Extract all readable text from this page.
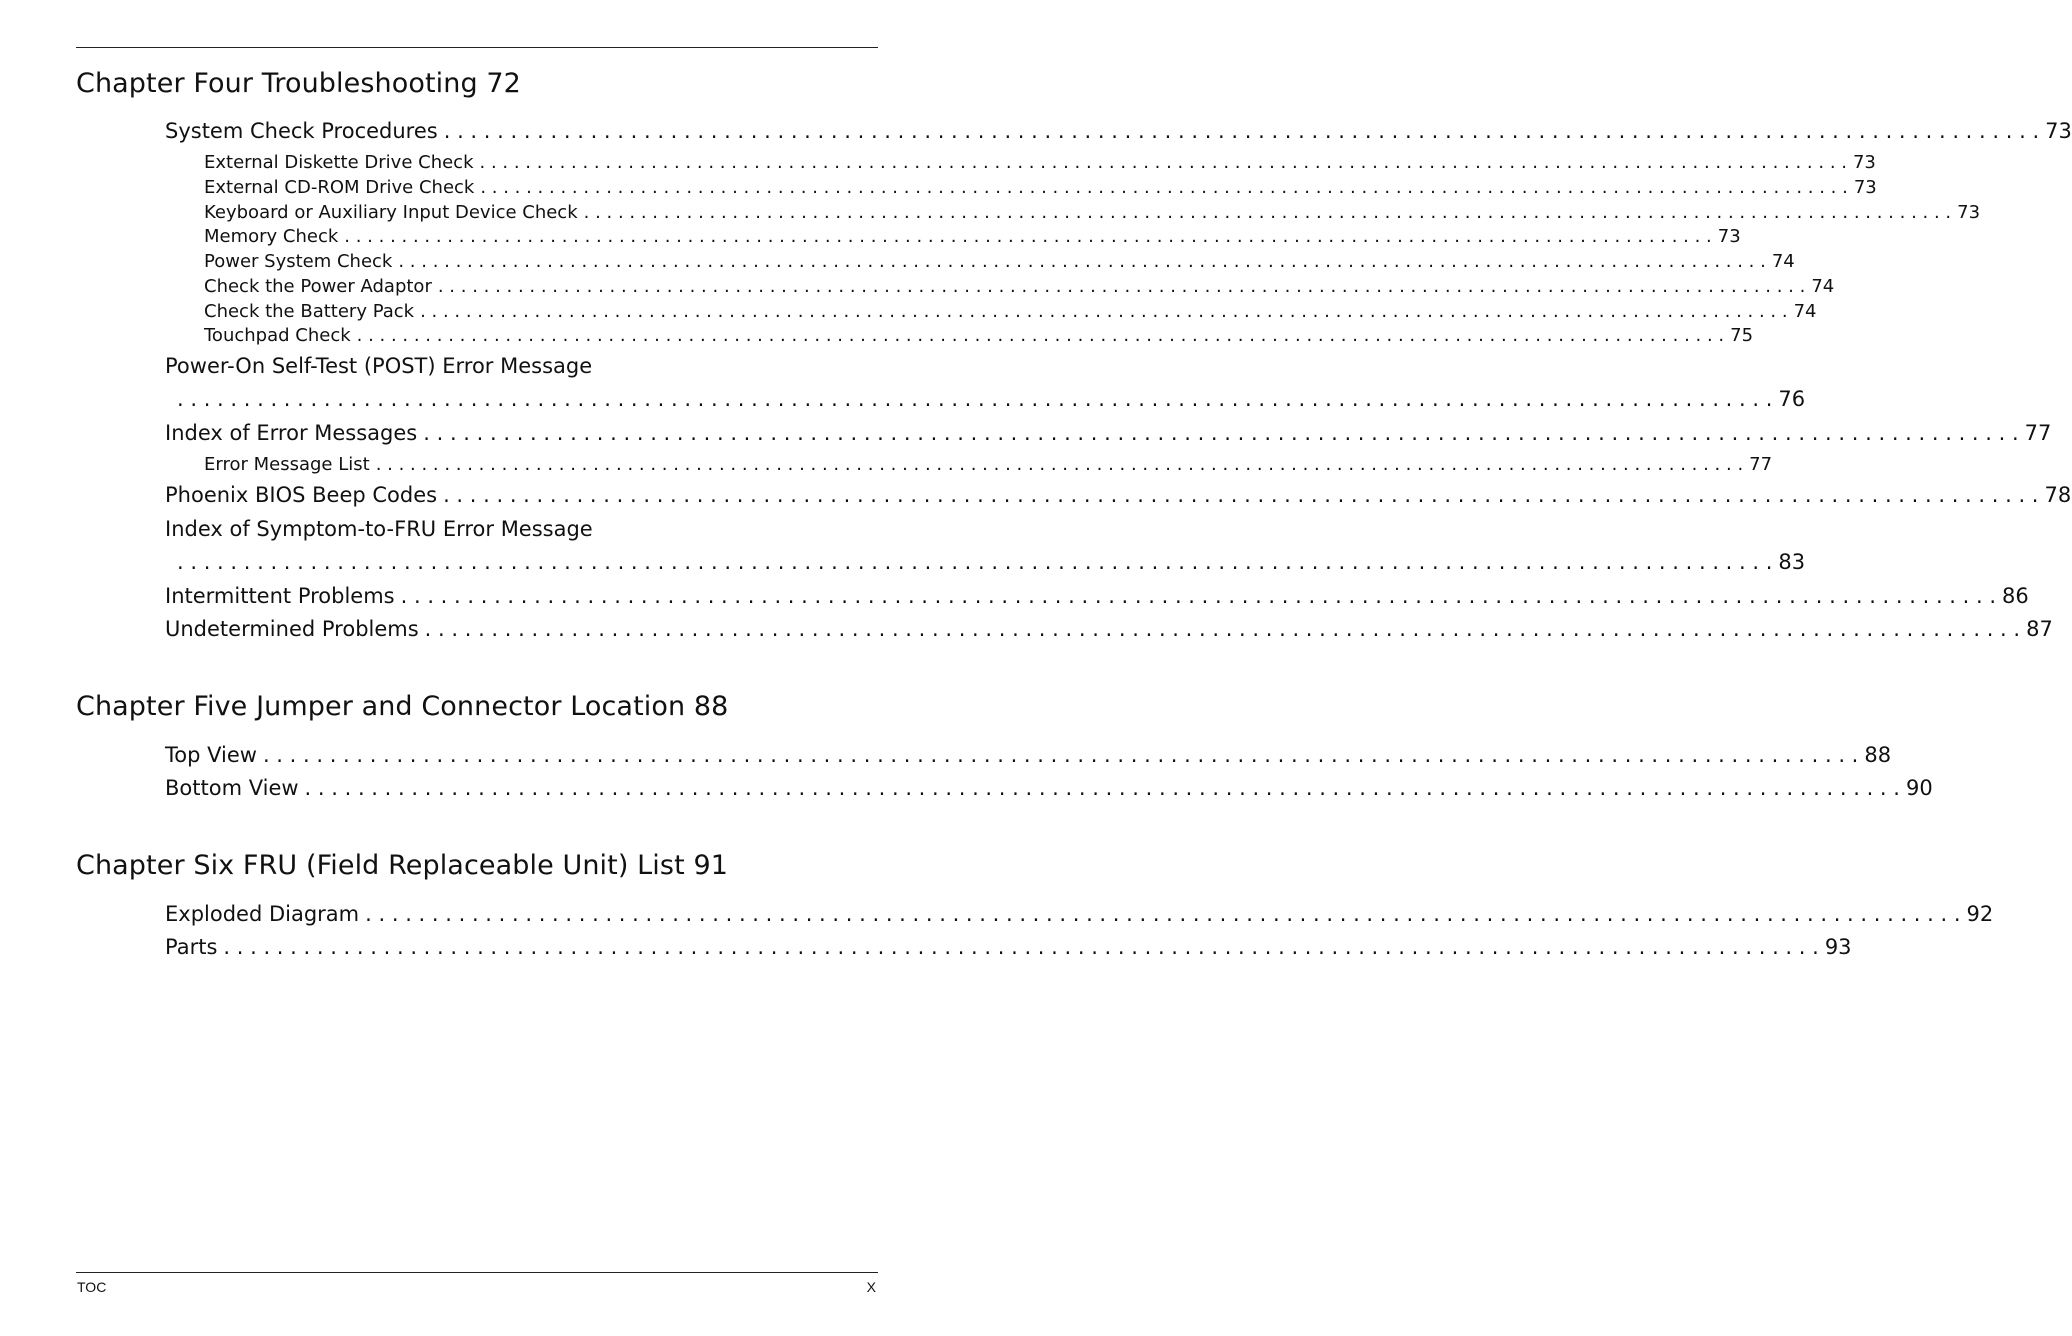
Chapter Four Troubleshooting 72
System Check Procedures . . . . . . . . . . . . . . . . . . . . . . . . . . . . . . . . . . . . . . . . . . . . . . . . . . . . . . . . . . . . . . . . . . . . . . . . . . . . . . . . . . . . . . . . . . . . . . . . . . . . . . . . . . . . . . . . . . . . . . . . 73
External Diskette Drive Check . . . . . . . . . . . . . . . . . . . . . . . . . . . . . . . . . . . . . . . . . . . . . . . . . . . . . . . . . . . . . . . . . . . . . . . . . . . . . . . . . . . . . . . . . . . . . . . . . . . . . . . . . . . . . . . . . . . . . . . . 73
External CD-ROM Drive Check . . . . . . . . . . . . . . . . . . . . . . . . . . . . . . . . . . . . . . . . . . . . . . . . . . . . . . . . . . . . . . . . . . . . . . . . . . . . . . . . . . . . . . . . . . . . . . . . . . . . . . . . . . . . . . . . . . . . . . . . 73
Keyboard or Auxiliary Input Device Check . . . . . . . . . . . . . . . . . . . . . . . . . . . . . . . . . . . . . . . . . . . . . . . . . . . . . . . . . . . . . . . . . . . . . . . . . . . . . . . . . . . . . . . . . . . . . . . . . . . . . . . . . . . . . . . . . . . . . . . . 73
Memory Check . . . . . . . . . . . . . . . . . . . . . . . . . . . . . . . . . . . . . . . . . . . . . . . . . . . . . . . . . . . . . . . . . . . . . . . . . . . . . . . . . . . . . . . . . . . . . . . . . . . . . . . . . . . . . . . . . . . . . . . . 73
Power System Check . . . . . . . . . . . . . . . . . . . . . . . . . . . . . . . . . . . . . . . . . . . . . . . . . . . . . . . . . . . . . . . . . . . . . . . . . . . . . . . . . . . . . . . . . . . . . . . . . . . . . . . . . . . . . . . . . . . . . . . . 74
Check the Power Adaptor . . . . . . . . . . . . . . . . . . . . . . . . . . . . . . . . . . . . . . . . . . . . . . . . . . . . . . . . . . . . . . . . . . . . . . . . . . . . . . . . . . . . . . . . . . . . . . . . . . . . . . . . . . . . . . . . . . . . . . . . 74
Check the Battery Pack . . . . . . . . . . . . . . . . . . . . . . . . . . . . . . . . . . . . . . . . . . . . . . . . . . . . . . . . . . . . . . . . . . . . . . . . . . . . . . . . . . . . . . . . . . . . . . . . . . . . . . . . . . . . . . . . . . . . . . . . 74
Touchpad Check . . . . . . . . . . . . . . . . . . . . . . . . . . . . . . . . . . . . . . . . . . . . . . . . . . . . . . . . . . . . . . . . . . . . . . . . . . . . . . . . . . . . . . . . . . . . . . . . . . . . . . . . . . . . . . . . . . . . . . . . 75
Power-On Self-Test (POST) Error Message
. . . . . . . . . . . . . . . . . . . . . . . . . . . . . . . . . . . . . . . . . . . . . . . . . . . . . . . . . . . . . . . . . . . . . . . . . . . . . . . . . . . . . . . . . . . . . . . . . . . . . . . . . . . . . . . . . . . . . . . . 76
Index of Error Messages . . . . . . . . . . . . . . . . . . . . . . . . . . . . . . . . . . . . . . . . . . . . . . . . . . . . . . . . . . . . . . . . . . . . . . . . . . . . . . . . . . . . . . . . . . . . . . . . . . . . . . . . . . . . . . . . . . . . . . . . 77
Error Message List . . . . . . . . . . . . . . . . . . . . . . . . . . . . . . . . . . . . . . . . . . . . . . . . . . . . . . . . . . . . . . . . . . . . . . . . . . . . . . . . . . . . . . . . . . . . . . . . . . . . . . . . . . . . . . . . . . . . . . . . 77
Phoenix BIOS Beep Codes . . . . . . . . . . . . . . . . . . . . . . . . . . . . . . . . . . . . . . . . . . . . . . . . . . . . . . . . . . . . . . . . . . . . . . . . . . . . . . . . . . . . . . . . . . . . . . . . . . . . . . . . . . . . . . . . . . . . . . . . 78
Index of Symptom-to-FRU Error Message
. . . . . . . . . . . . . . . . . . . . . . . . . . . . . . . . . . . . . . . . . . . . . . . . . . . . . . . . . . . . . . . . . . . . . . . . . . . . . . . . . . . . . . . . . . . . . . . . . . . . . . . . . . . . . . . . . . . . . . . . 83
Intermittent Problems . . . . . . . . . . . . . . . . . . . . . . . . . . . . . . . . . . . . . . . . . . . . . . . . . . . . . . . . . . . . . . . . . . . . . . . . . . . . . . . . . . . . . . . . . . . . . . . . . . . . . . . . . . . . . . . . . . . . . . . . 86
Undetermined Problems . . . . . . . . . . . . . . . . . . . . . . . . . . . . . . . . . . . . . . . . . . . . . . . . . . . . . . . . . . . . . . . . . . . . . . . . . . . . . . . . . . . . . . . . . . . . . . . . . . . . . . . . . . . . . . . . . . . . . . . . 87
Chapter Five Jumper and Connector Location 88
Top View . . . . . . . . . . . . . . . . . . . . . . . . . . . . . . . . . . . . . . . . . . . . . . . . . . . . . . . . . . . . . . . . . . . . . . . . . . . . . . . . . . . . . . . . . . . . . . . . . . . . . . . . . . . . . . . . . . . . . . . . 88
Bottom View . . . . . . . . . . . . . . . . . . . . . . . . . . . . . . . . . . . . . . . . . . . . . . . . . . . . . . . . . . . . . . . . . . . . . . . . . . . . . . . . . . . . . . . . . . . . . . . . . . . . . . . . . . . . . . . . . . . . . . . . 90
Chapter Six FRU (Field Replaceable Unit) List 91
Exploded Diagram . . . . . . . . . . . . . . . . . . . . . . . . . . . . . . . . . . . . . . . . . . . . . . . . . . . . . . . . . . . . . . . . . . . . . . . . . . . . . . . . . . . . . . . . . . . . . . . . . . . . . . . . . . . . . . . . . . . . . . . . 92
Parts . . . . . . . . . . . . . . . . . . . . . . . . . . . . . . . . . . . . . . . . . . . . . . . . . . . . . . . . . . . . . . . . . . . . . . . . . . . . . . . . . . . . . . . . . . . . . . . . . . . . . . . . . . . . . . . . . . . . . . . . 93
TOC	X
